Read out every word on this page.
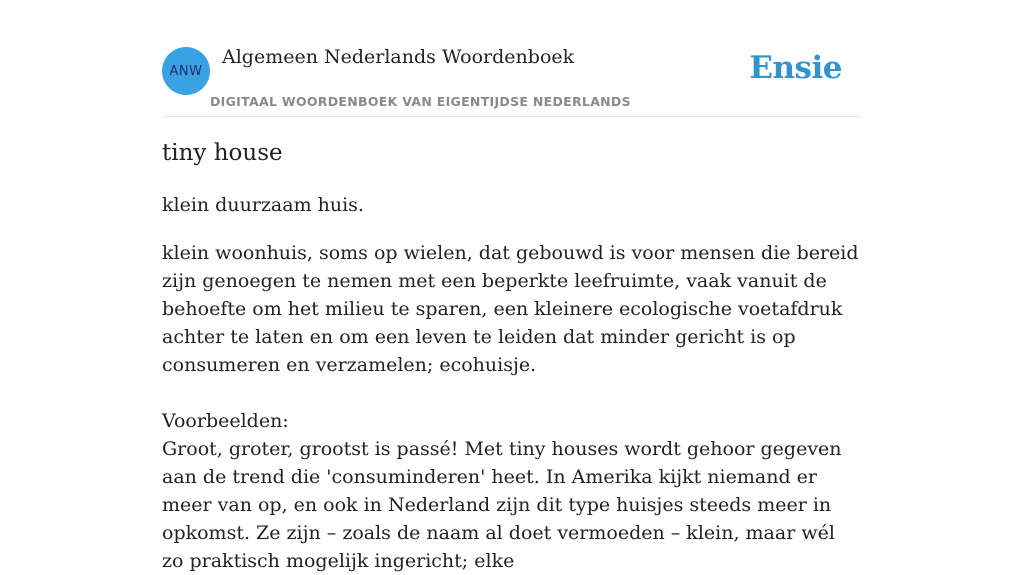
ANW
Algemeen Nederlands Woordenboek
DIGITAAL WOORDENBOEK VAN EIGENTIJDSE NEDERLANDS
Ensie
tiny house
klein duurzaam huis.

klein woonhuis, soms op wielen, dat gebouwd is voor mensen die bereid zijn genoegen te nemen met een beperkte leefruimte, vaak vanuit de behoefte om het milieu te sparen, een kleinere ecologische voetafdruk achter te laten en om een leven te leiden dat minder gericht is op consumeren en verzamelen; ecohuisje.

Voorbeelden:

Groot, groter, grootst is passé! Met tiny houses wordt gehoor gegeven aan de trend die 'consuminderen' heet. In Amerika kijkt niemand er meer van op, en ook in Nederland zijn dit type huisjes steeds meer in opkomst. Ze zijn – zoals de naam al doet vermoeden – klein, maar wél zo praktisch mogelijk ingericht; elke
